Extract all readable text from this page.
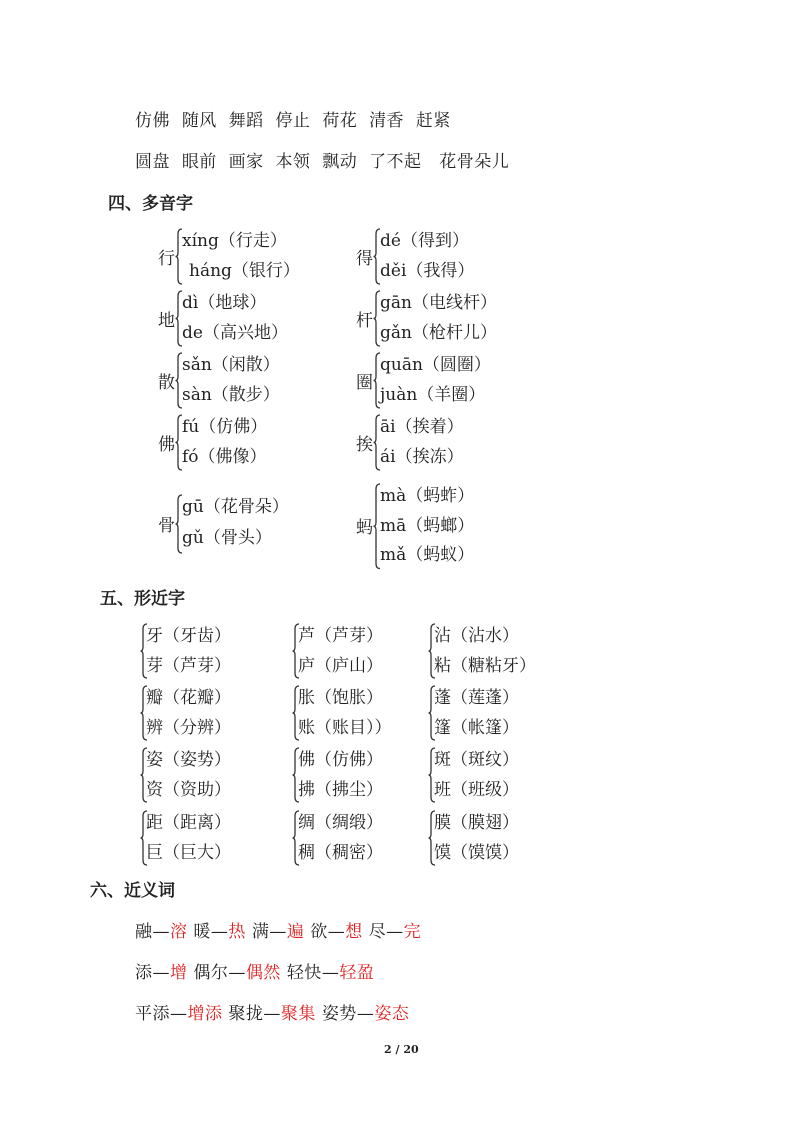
仿佛 随风 舞蹈 停止 荷花 清香 赶紧
圆盘 眼前 画家 本领 飘动 了不起 花骨朵儿
四、多音字
行
xíng（行走）
háng（银行）
得
dé（得到）
děi（我得）
地
dì（地球）
de（高兴地）
杆
gān（电线杆）
gǎn（枪杆儿）
散
sǎn（闲散）
sàn（散步）
圈
quān（圆圈）
juàn（羊圈）
佛
fú（仿佛）
fó（佛像）
挨
āi（挨着）
ái（挨冻）
骨
gū（花骨朵）
gǔ（骨头）	蚂
mà（蚂蚱）
mā（蚂螂）
mǎ（蚂蚁）
五、形近字
牙（牙齿）
芽（芦芽）
芦（芦芽）
庐（庐山）
沾（沾水）
粘（糖粘牙）
瓣（花瓣）
辨（分辨）
胀（饱胀）
账（账目））
蓬（莲蓬）
篷（帐篷）
姿（姿势）
资（资助）
佛（仿佛）
拂（拂尘）
斑（斑纹）
班（班级）
距（距离）
巨（巨大）
绸（绸缎）
稠（稠密）
膜（膜翅）
馍（馍馍）
六、近义词
融—溶 暖—热 满—遍 欲—想 尽—完
添—增 偶尔—偶然 轻快—轻盈
平添—增添 聚拢—聚集 姿势—姿态
2 / 20
